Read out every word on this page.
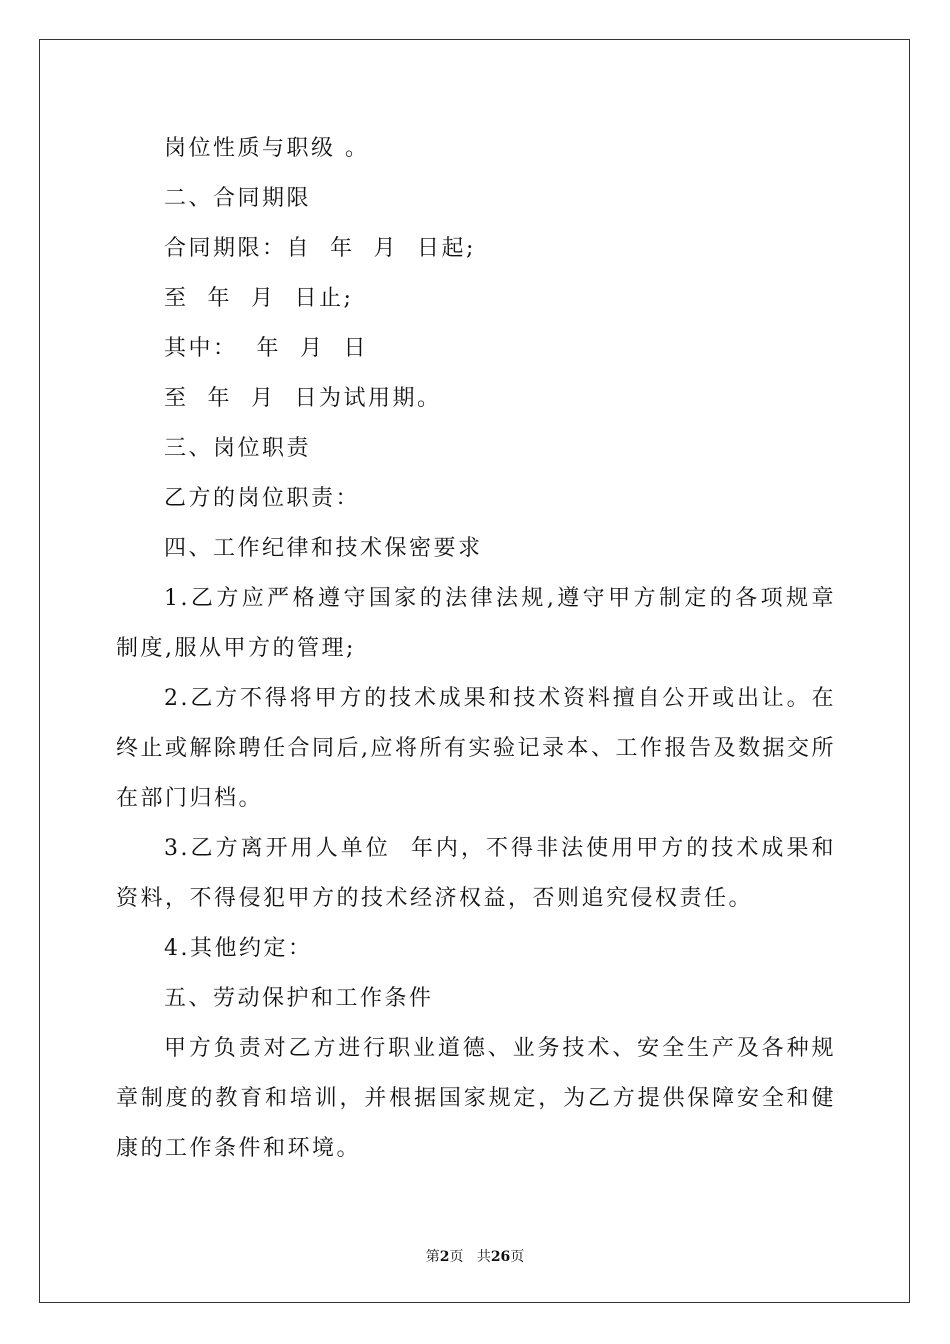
岗位性质与职级 。

二、合同期限

合同期限：自  年  月  日起;

至  年  月  日止;

其中：  年  月  日

至  年  月  日为试用期。

三、岗位职责

乙方的岗位职责：

四、工作纪律和技术保密要求

1.乙方应严格遵守国家的法律法规,遵守甲方制定的各项规章制度,服从甲方的管理;

2.乙方不得将甲方的技术成果和技术资料擅自公开或出让。在终止或解除聘任合同后,应将所有实验记录本、工作报告及数据交所在部门归档。

3.乙方离开用人单位  年内，不得非法使用甲方的技术成果和资料，不得侵犯甲方的技术经济权益，否则追究侵权责任。

4.其他约定：

五、劳动保护和工作条件

甲方负责对乙方进行职业道德、业务技术、安全生产及各种规章制度的教育和培训，并根据国家规定，为乙方提供保障安全和健康的工作条件和环境。

第2页 共26页
